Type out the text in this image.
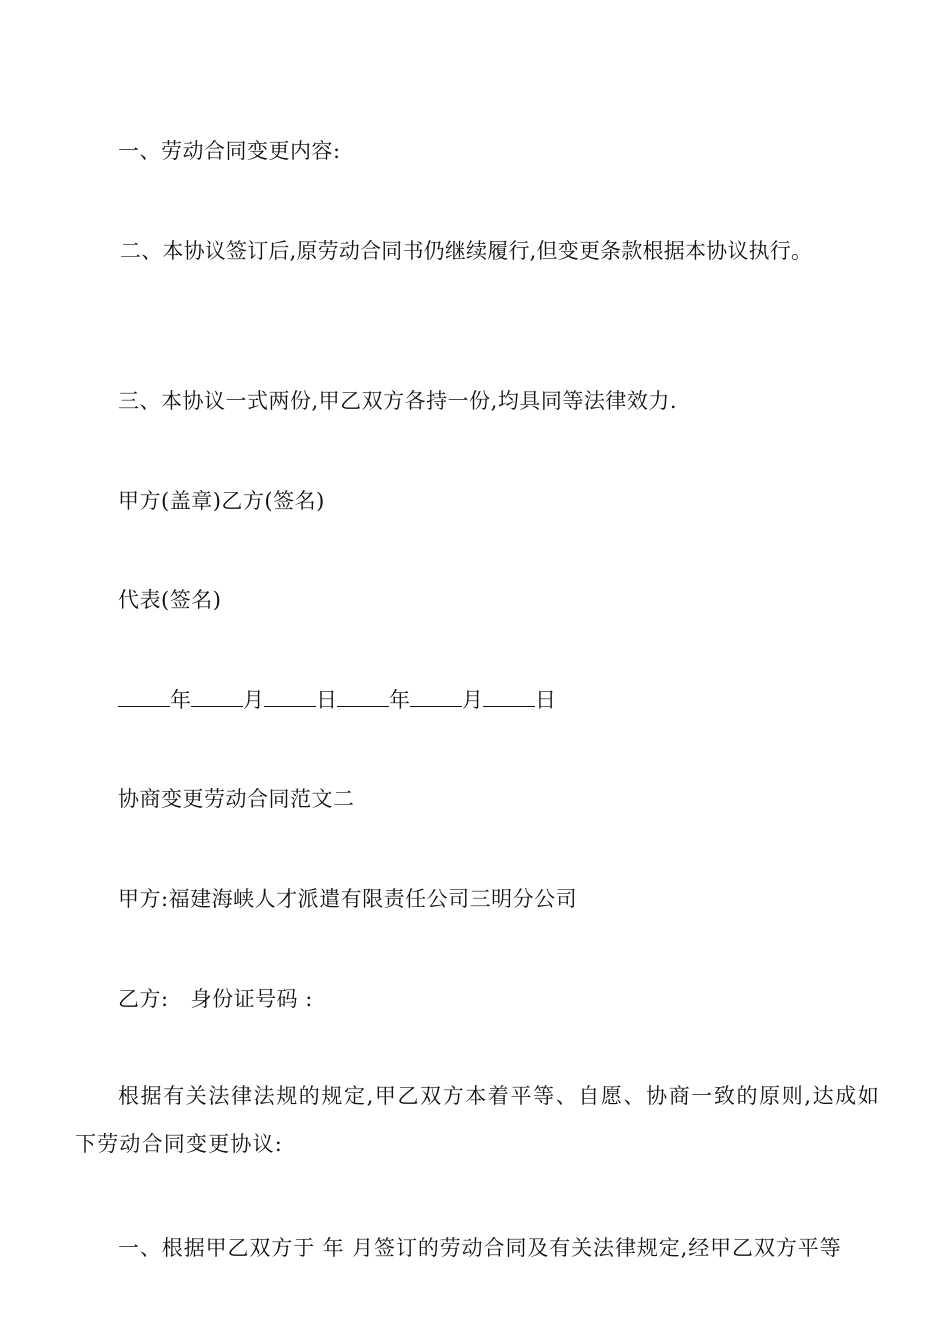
一、劳动合同变更内容:
二、本协议签订后,原劳动合同书仍继续履行,但变更条款根据本协议执行。
三、本协议一式两份,甲乙双方各持一份,均具同等法律效力.
甲方(盖章)乙方(签名)
代表(签名)
年 月 日 年 月 日
协商变更劳动合同范文二
甲方:福建海峡人才派遣有限责任公司三明分公司
乙方: 身份证号码 :
根据有关法律法规的规定,甲乙双方本着平等、自愿、协商一致的原则,达成如下劳动合同变更协议:
一、根据甲乙双方于 年 月签订的劳动合同及有关法律规定,经甲乙双方平等
